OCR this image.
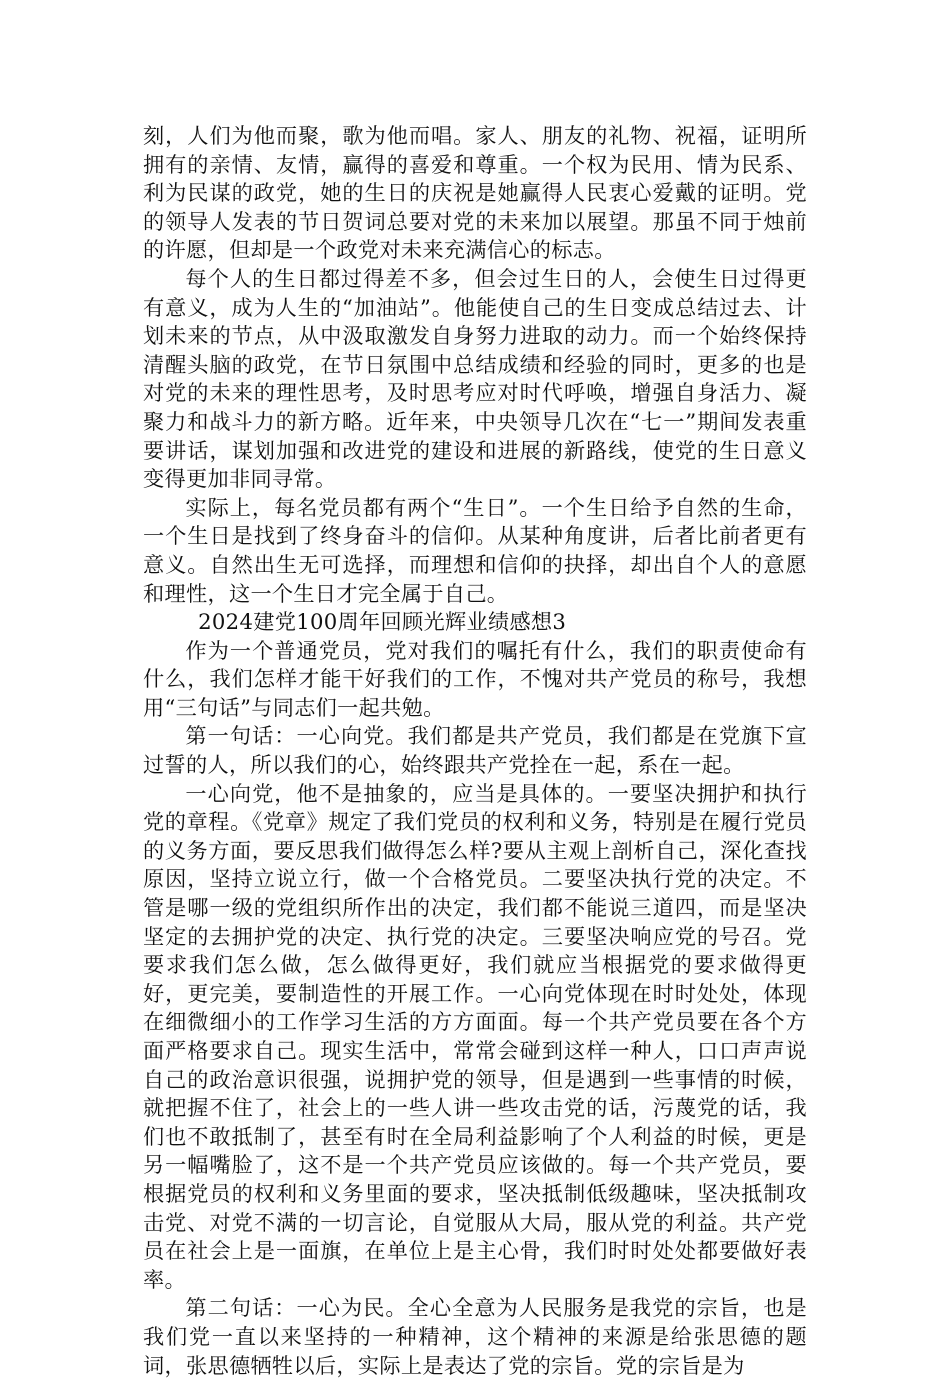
刻，人们为他而聚，歌为他而唱。家人、朋友的礼物、祝福，证明所拥有的亲情、友情，赢得的喜爱和尊重。一个权为民用、情为民系、利为民谋的政党，她的生日的庆祝是她赢得人民衷心爱戴的证明。党的领导人发表的节日贺词总要对党的未来加以展望。那虽不同于烛前的许愿，但却是一个政党对未来充满信心的标志。

每个人的生日都过得差不多，但会过生日的人，会使生日过得更有意义，成为人生的“加油站”。他能使自己的生日变成总结过去、计划未来的节点，从中汲取激发自身努力进取的动力。而一个始终保持清醒头脑的政党，在节日氛围中总结成绩和经验的同时，更多的也是对党的未来的理性思考，及时思考应对时代呼唤，增强自身活力、凝聚力和战斗力的新方略。近年来，中央领导几次在“七一”期间发表重要讲话，谋划加强和改进党的建设和进展的新路线，使党的生日意义变得更加非同寻常。

实际上，每名党员都有两个“生日”。一个生日给予自然的生命，一个生日是找到了终身奋斗的信仰。从某种角度讲，后者比前者更有意义。自然出生无可选择，而理想和信仰的抉择，却出自个人的意愿和理性，这一个生日才完全属于自己。

2024建党100周年回顾光辉业绩感想3

作为一个普通党员，党对我们的嘱托有什么，我们的职责使命有什么，我们怎样才能干好我们的工作，不愧对共产党员的称号，我想用“三句话”与同志们一起共勉。

第一句话：一心向党。我们都是共产党员，我们都是在党旗下宣过誓的人，所以我们的心，始终跟共产党拴在一起，系在一起。

一心向党，他不是抽象的，应当是具体的。一要坚决拥护和执行党的章程。《党章》规定了我们党员的权利和义务，特别是在履行党员的义务方面，要反思我们做得怎么样?要从主观上剖析自己，深化查找原因，坚持立说立行，做一个合格党员。二要坚决执行党的决定。不管是哪一级的党组织所作出的决定，我们都不能说三道四，而是坚决坚定的去拥护党的决定、执行党的决定。三要坚决响应党的号召。党要求我们怎么做，怎么做得更好，我们就应当根据党的要求做得更好，更完美，要制造性的开展工作。一心向党体现在时时处处，体现在细微细小的工作学习生活的方方面面。每一个共产党员要在各个方面严格要求自己。现实生活中，常常会碰到这样一种人，口口声声说自己的政治意识很强，说拥护党的领导，但是遇到一些事情的时候，就把握不住了，社会上的一些人讲一些攻击党的话，污蔑党的话，我们也不敢抵制了，甚至有时在全局利益影响了个人利益的时候，更是另一幅嘴脸了，这不是一个共产党员应该做的。每一个共产党员，要根据党员的权利和义务里面的要求，坚决抵制低级趣味，坚决抵制攻击党、对党不满的一切言论，自觉服从大局，服从党的利益。共产党员在社会上是一面旗，在单位上是主心骨，我们时时处处都要做好表率。

第二句话：一心为民。全心全意为人民服务是我党的宗旨，也是我们党一直以来坚持的一种精神，这个精神的来源是给张思德的题词，张思德牺牲以后，实际上是表达了党的宗旨。党的宗旨是为
